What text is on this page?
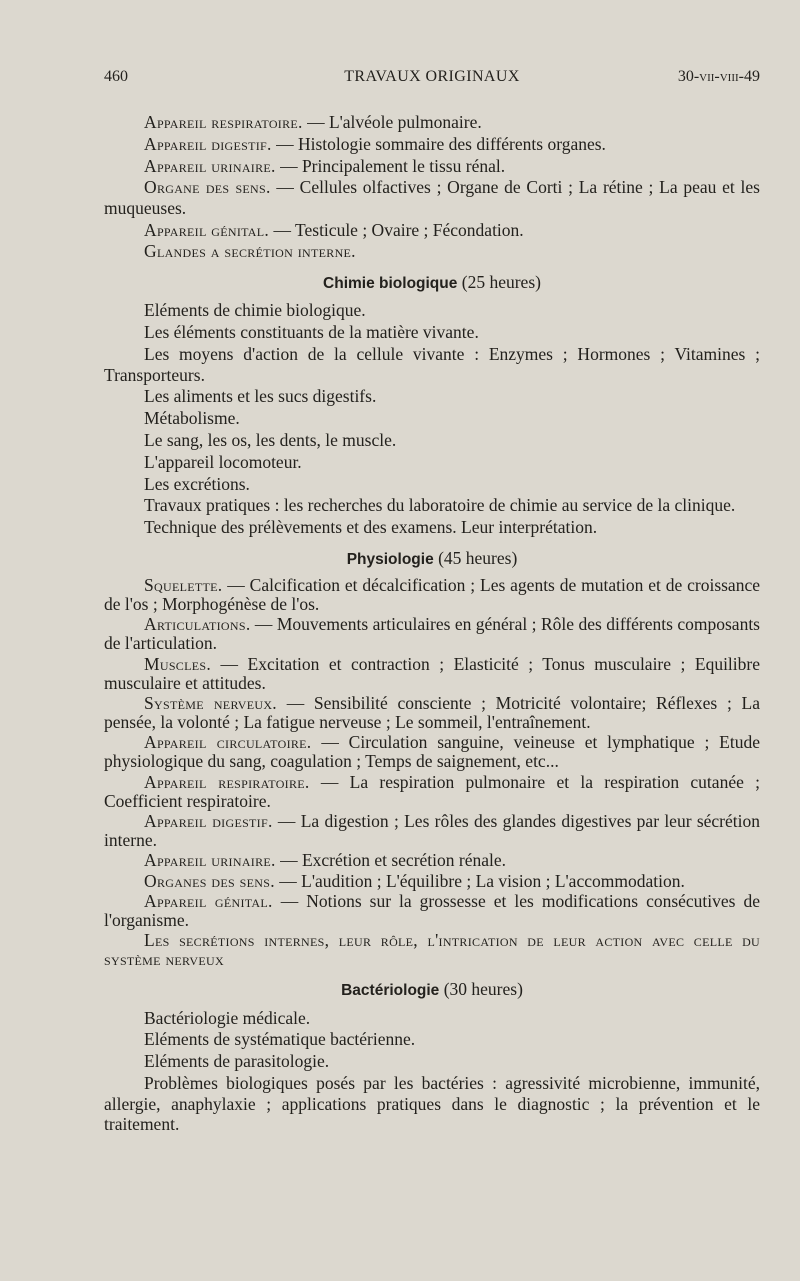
460	TRAVAUX ORIGINAUX	30-vii-viii-49

Appareil respiratoire. — L'alvéole pulmonaire.

Appareil digestif. — Histologie sommaire des différents organes.

Appareil urinaire. — Principalement le tissu rénal.

Organe des sens. — Cellules olfactives ; Organe de Corti ; La rétine ; La peau et les muqueuses.

Appareil génital. — Testicule ; Ovaire ; Fécondation.

Glandes a secrétion interne.

Chimie biologique (25 heures)

Eléments de chimie biologique.

Les éléments constituants de la matière vivante.

Les moyens d'action de la cellule vivante : Enzymes ; Hormones ; Vitamines ; Transporteurs.

Les aliments et les sucs digestifs.

Métabolisme.

Le sang, les os, les dents, le muscle.

L'appareil locomoteur.

Les excrétions.

Travaux pratiques : les recherches du laboratoire de chimie au service de la clinique.

Technique des prélèvements et des examens. Leur interprétation.

Physiologie (45 heures)

Squelette. — Calcification et décalcification ; Les agents de mutation et de croissance de l'os ; Morphogénèse de l'os.

Articulations. — Mouvements articulaires en général ; Rôle des différents composants de l'articulation.

Muscles. — Excitation et contraction ; Elasticité ; Tonus musculaire ; Equilibre musculaire et attitudes.

Système nerveux. — Sensibilité consciente ; Motricité volontaire; Réflexes ; La pensée, la volonté ; La fatigue nerveuse ; Le sommeil, l'entraînement.

Appareil circulatoire. — Circulation sanguine, veineuse et lymphatique ; Etude physiologique du sang, coagulation ; Temps de saignement, etc...

Appareil respiratoire. — La respiration pulmonaire et la respiration cutanée ; Coefficient respiratoire.

Appareil digestif. — La digestion ; Les rôles des glandes digestives par leur sécrétion interne.

Appareil urinaire. — Excrétion et secrétion rénale.

Organes des sens. — L'audition ; L'équilibre ; La vision ; L'accommodation.

Appareil génital. — Notions sur la grossesse et les modifications consécutives de l'organisme.

Les secrétions internes, leur rôle, l'intrication de leur action avec celle du système nerveux

Bactériologie (30 heures)

Bactériologie médicale.

Eléments de systématique bactérienne.

Eléments de parasitologie.

Problèmes biologiques posés par les bactéries : agressivité microbienne, immunité, allergie, anaphylaxie ; applications pratiques dans le diagnostic ; la prévention et le traitement.
